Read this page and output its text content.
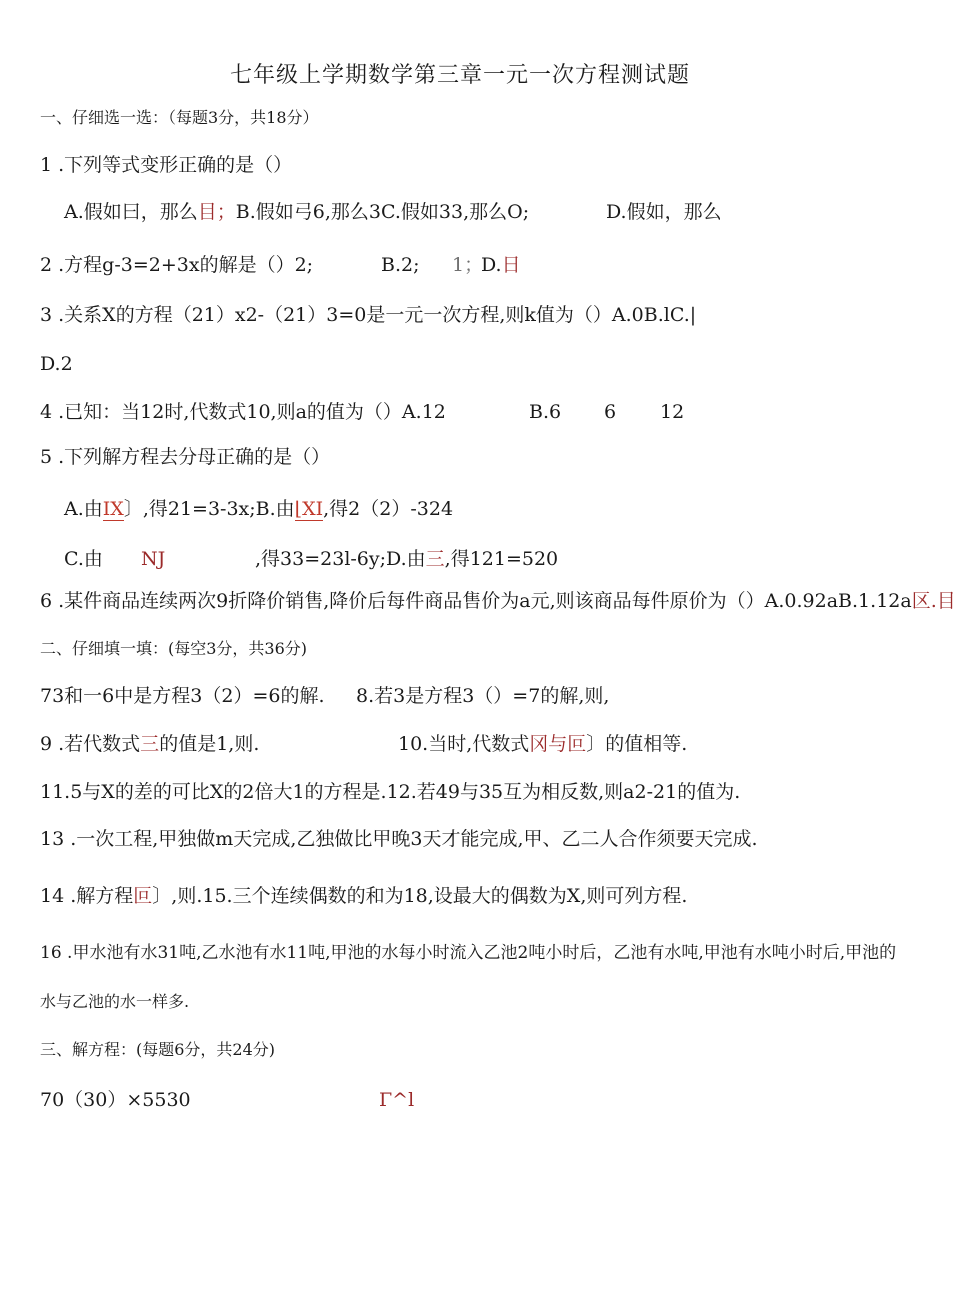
七年级上学期数学第三章一元一次方程测试题
一、仔细选一选：（每题3分，共18分）
1 .下列等式变形正确的是（）
A.假如曰，那么目；B.假如弓6,那么3C.假如33,那么O;	D.假如，那么
2 .方程g-3=2+3x的解是（）2;	B.2; 1；
D.日
3 .关系X的方程（21）x2-（21）3=0是一元一次方程,则k值为（）A.0B.lC.|
D.2
4 .已知：当12时,代数式10,则a的值为（）A.12	B.6 6 12
5 .下列解方程去分母正确的是（）
A.由IX〕,得21=3-3x;B.由⌊XI,得2（2）-324
C.由 NJ	,得33=23l-6y;D.由三,得121=520
6 .某件商品连续两次9折降价销售,降价后每件商品售价为a元,则该商品每件原价为（）A.0.92aB.1.12a区.目
二、仔细填一填：(每空3分，共36分)
73和一6中是方程3（2）=6的解. 8.若3是方程3（）=7的解,则,
9 .若代数式三的值是1,则.	10.当时,代数式冈与叵〕的值相等.
11.5与X的差的可比X的2倍大1的方程是.12.若49与35互为相反数,则a2-21的值为.
13 .一次工程,甲独做m天完成,乙独做比甲晚3天才能完成,甲、乙二人合作须要天完成.
14 .解方程叵〕,则.15.三个连续偶数的和为18,设最大的偶数为X,则可列方程.
16 .甲水池有水31吨,乙水池有水11吨,甲池的水每小时流入乙池2吨小时后，乙池有水吨,甲池有水吨小时后,甲池的
水与乙池的水一样多.
三、解方程：(每题6分，共24分)
70（30）×5530	Γ^l
